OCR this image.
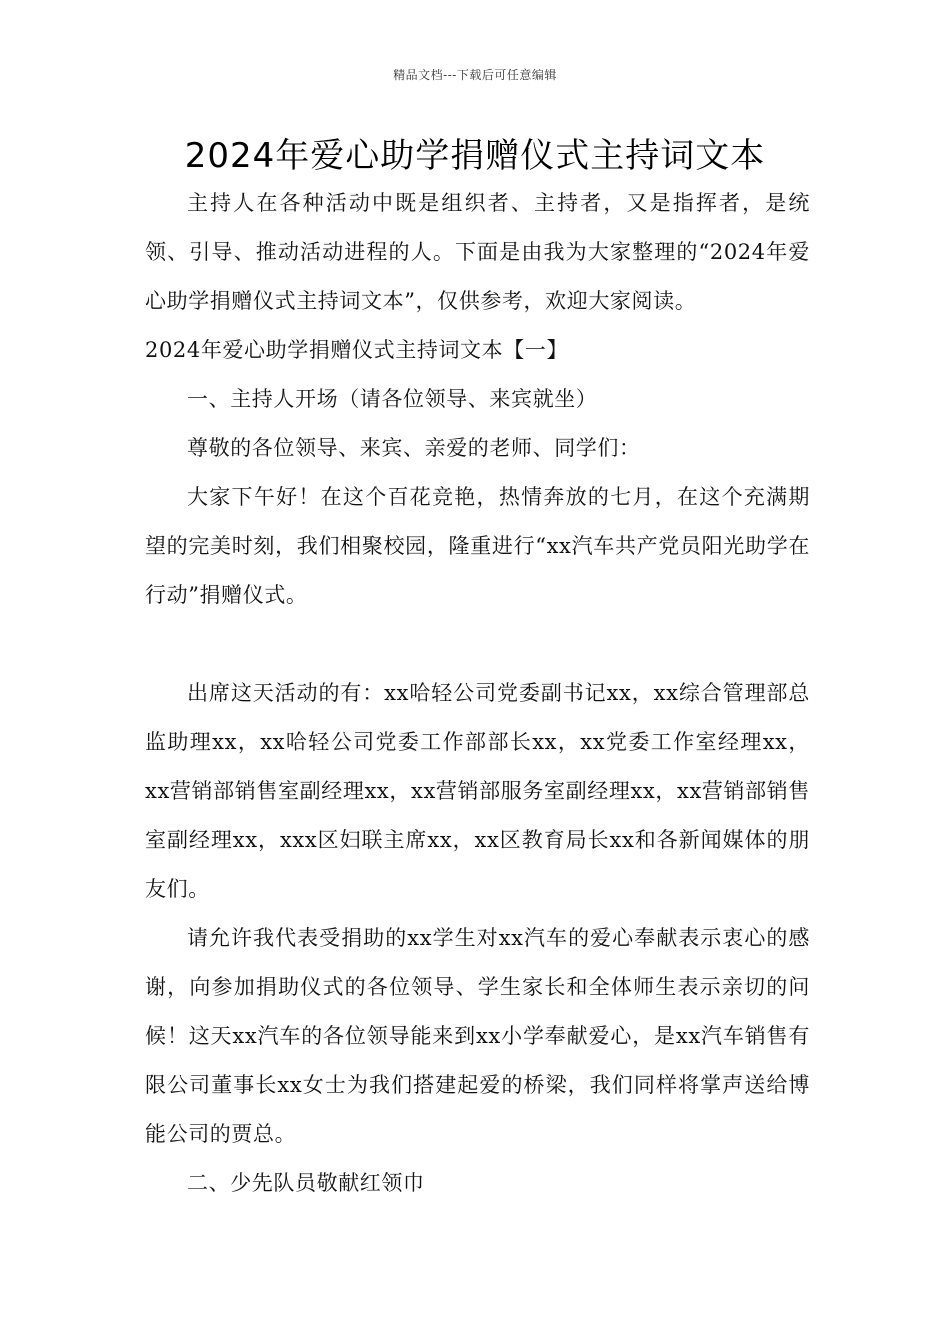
精品文档---下载后可任意编辑
2024年爱心助学捐赠仪式主持词文本

主持人在各种活动中既是组织者、主持者，又是指挥者，是统领、引导、推动活动进程的人。下面是由我为大家整理的“2024年爱心助学捐赠仪式主持词文本”，仅供参考，欢迎大家阅读。

2024年爱心助学捐赠仪式主持词文本【一】

一、主持人开场（请各位领导、来宾就坐）

尊敬的各位领导、来宾、亲爱的老师、同学们：

大家下午好！在这个百花竞艳，热情奔放的七月，在这个充满期望的完美时刻，我们相聚校园，隆重进行“xx汽车共产党员阳光助学在行动”捐赠仪式。

出席这天活动的有：xx哈轻公司党委副书记xx，xx综合管理部总监助理xx，xx哈轻公司党委工作部部长xx，xx党委工作室经理xx，xx营销部销售室副经理xx，xx营销部服务室副经理xx，xx营销部销售室副经理xx，xxx区妇联主席xx，xx区教育局长xx和各新闻媒体的朋友们。

请允许我代表受捐助的xx学生对xx汽车的爱心奉献表示衷心的感谢，向参加捐助仪式的各位领导、学生家长和全体师生表示亲切的问候！这天xx汽车的各位领导能来到xx小学奉献爱心，是xx汽车销售有限公司董事长xx女士为我们搭建起爱的桥梁，我们同样将掌声送给博能公司的贾总。

二、少先队员敬献红领巾
